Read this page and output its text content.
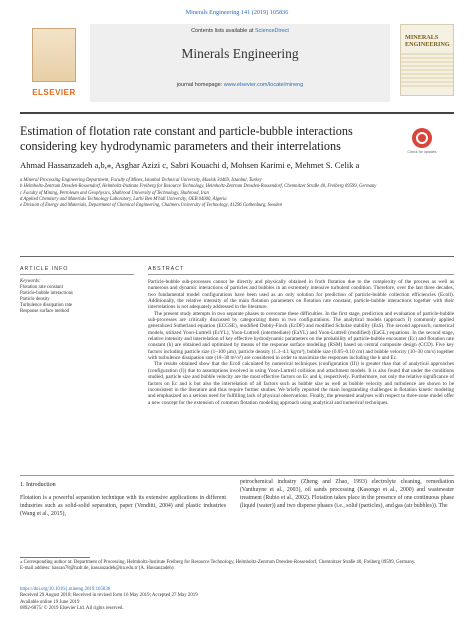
Minerals Engineering 141 (2019) 105836
ELSEVIER
Contents lists available at ScienceDirect
Minerals Engineering
journal homepage: www.elsevier.com/locate/mineng
MINERALS ENGINEERING
Estimation of flotation rate constant and particle-bubble interactions considering key hydrodynamic parameters and their interrelations	Check for updates
Ahmad Hassanzadeh a,b,⁎, Asghar Azizi c, Sabri Kouachi d, Mohsen Karimi e, Mehmet S. Celik a
a Mineral Processing Engineering Department, Faculty of Mines, Istanbul Technical University, Maslak 34469, Istanbul, Turkey
b Helmholtz-Zentrum Dresden-Rossendorf, Helmholtz-Institute Freiberg for Resource Technology, Helmholtz-Zentrum Dresden-Rossendorf, Chemnitzer Straße 40, Freiberg 09599, Germany
c Faculty of Mining, Petroleum and Geophysics, Shahrood University of Technology, Shahrood, Iran
d Applied Chemistry and Materials Technology Laboratory, Larbi Ben M'hidi University, OEB 04000, Algeria
e Division of Energy and Materials, Department of Chemical Engineering, Chalmers University of Technology, 41296 Gothenburg, Sweden
ARTICLE INFO	ABSTRACT
Keywords:
Flotation rate constant
Particle-bubble interactions
Particle density
Turbulence dissipation rate
Response surface method

Particle-bubble sub-processes cannot be directly and physically obtained in froth flotation due to the complexity of the process as well as numerous and dynamic interactions of particles and bubbles in an extremely intensive turbulent condition. Therefore, over the last three decades, two fundamental model configurations have been used as an only solution for prediction of particle-bubble collection efficiencies (Ecoll). Additionally, the relative intensity of the main flotation parameters on flotation rate constant, particle-bubble interactions together with their interrelations is not adequately addressed in the literature.

The present study attempts in two separate phases to overcome these difficulties. In the first stage, prediction and evaluation of particle-bubble sub-processes are critically discussed by categorizing them in two configurations. The analytical models (approach I) commonly applied generalized Sutherland equation (ECGSE), modified Dobby-Finch (EcDF) and modified Schulze stability (EsS). The second approach, numerical models, utilized Yoon-Luttrell (EcYL), Yoon-Luttrell (intermediate) (EaYL) and Yoon-Luttrell (modified) (EaGL) equations. In the second stage, relative intensity and interrelation of key effective hydrodynamic parameters on the probability of particle-bubble encounter (Ec) and flotation rate constant (k) are obtained and optimized by means of the response surface modeling (RSM) based on central composite design (CCD). Five key factors including particle size (1–100 µm), particle density (1.3–4.1 kg/m³), bubble size (0.05–0.10 cm) and bubble velocity (10–30 cm/s) together with turbulence dissipation rate (18–30 m²/s³) are considered in order to maximize the responses including the k and Ec.

The results obtained show that the Ecoll calculated by numerical techniques (configuration (II)) is greater than that of analytical approaches (configuration (I)) due to assumptions involved in using Yoon-Luttrell collision and attachment models. It is also found that under the conditions studied, particle size and bubble velocity are the most effective factors on Ec and k, respectively. Furthermore, not only the relative significance of factors on Ec and k but also the interrelation of all factors such as bubble size as well as bubble velocity and turbulence are shown to be inconsistent in the literature and thus require further studies. We briefly reported the main longstanding challenges in flotation kinetic modeling and emphasized on a serious need for fulfilling lack of physical observations. Finally, the presented analyses with respect to three-zone model offer a new concept for the extension of common flotation modeling approach using analytical and numerical techniques.

1. Introduction
Flotation is a powerful separation technique with its extensive applications in different industries such as solid-solid separation, paper (Venditti, 2004) and plastic industries (Wang et al., 2015),
petrochemical industry (Zheng and Zhao, 1993) electrolyte cleaning, remediation (Vanthuyne et al., 2003), oil sands processing (Kasongo et al., 2000) and wastewater treatment (Rubio et al., 2002). Flotation takes place in the presence of one continuous phase (liquid (water)) and two disperse phases (i.e., solid (particles), and gas (air bubbles)). The
⁎ Corresponding author at: Department of Processing, Helmholtz-Institute Freiberg for Resource Technology, Helmholtz-Zentrum Dresden-Rossendorf, Chemnitzer Straße 40, Freiberg 09599, Germany.
E-mail address: hassan78@hzdr.de, hassanzadeh@itu.edu.tr (A. Hassanzadeh).
https://doi.org/10.1016/j.mineng.2019.105836
Received 29 August 2018; Received in revised form 16 May 2019; Accepted 27 May 2019
Available online 19 June 2019
0892-6875/ © 2019 Elsevier Ltd. All rights reserved.
